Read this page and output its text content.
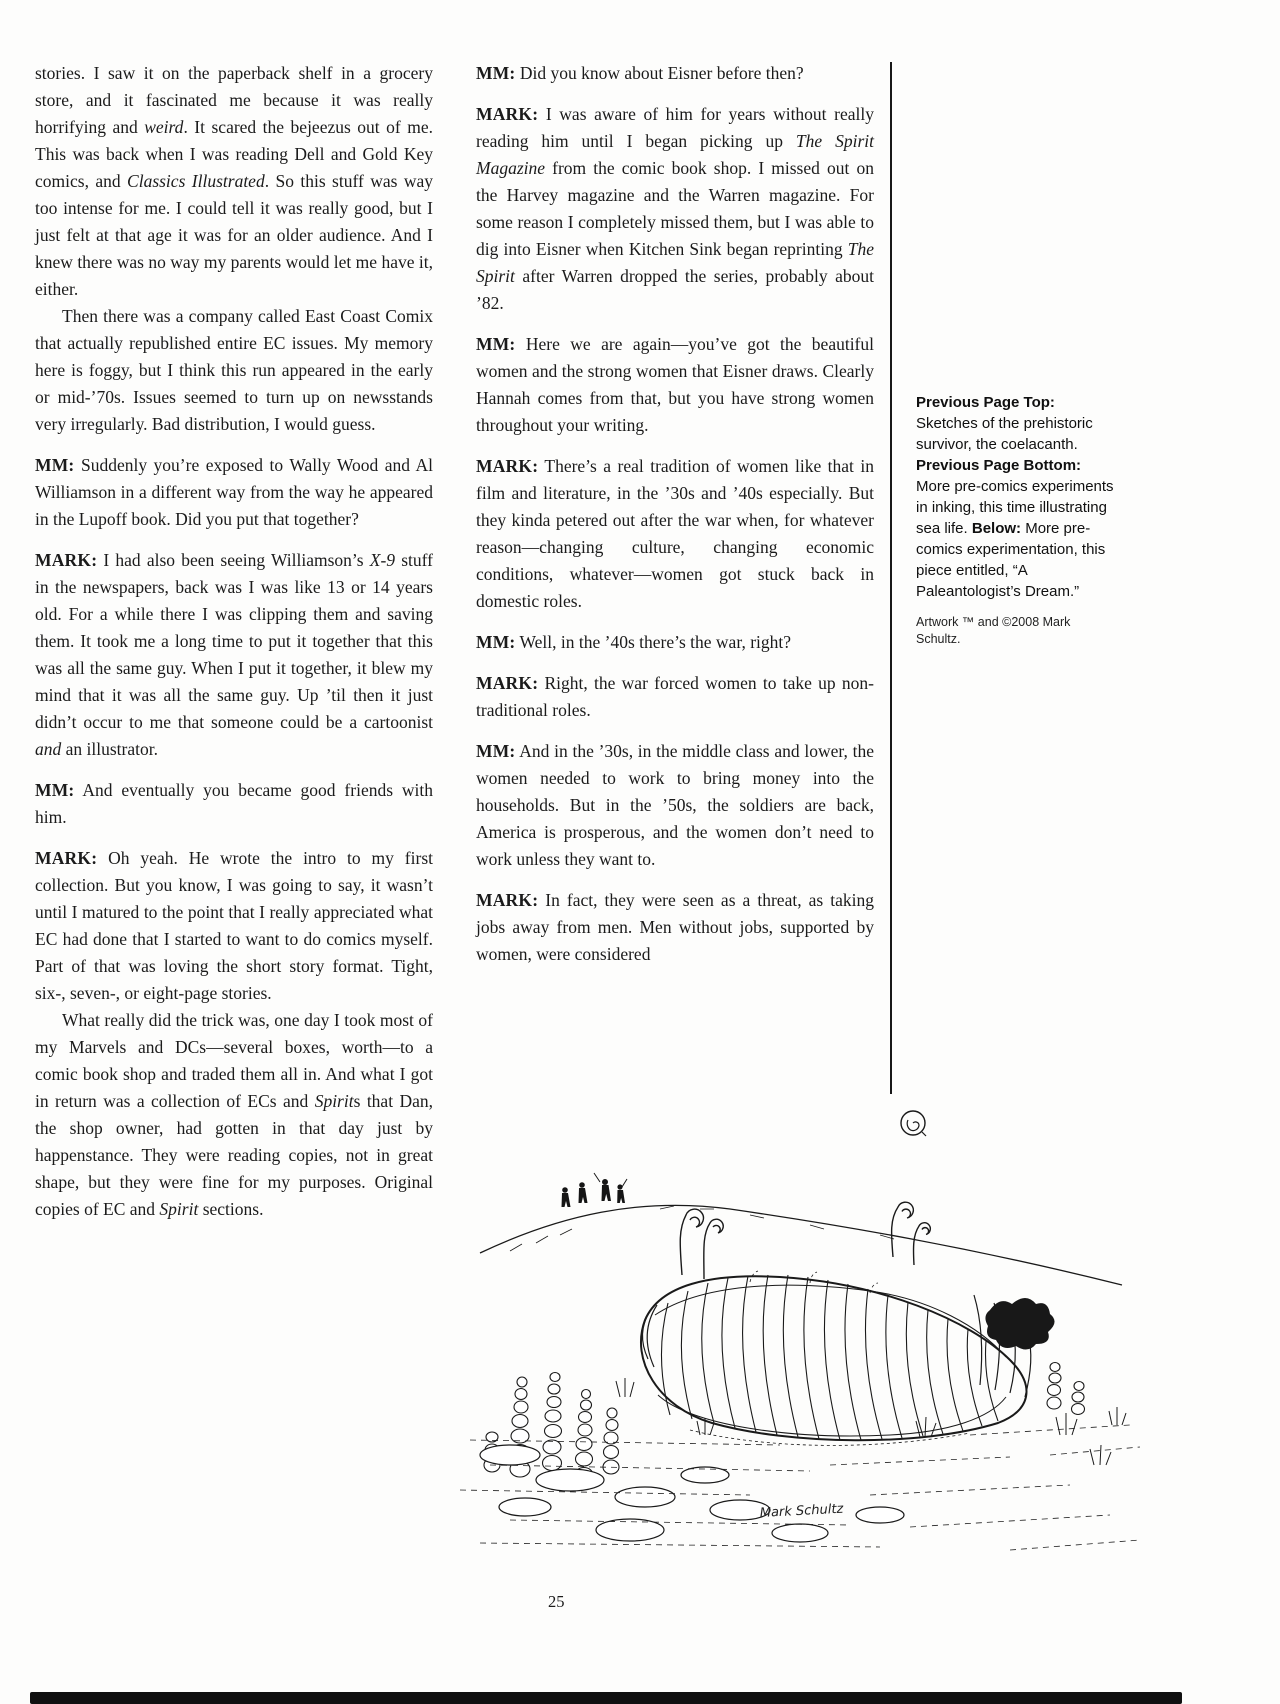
stories. I saw it on the paperback shelf in a grocery store, and it fascinated me because it was really horrifying and weird. It scared the bejeezus out of me. This was back when I was reading Dell and Gold Key comics, and Classics Illustrated. So this stuff was way too intense for me. I could tell it was really good, but I just felt at that age it was for an older audience. And I knew there was no way my parents would let me have it, either.

Then there was a company called East Coast Comix that actually republished entire EC issues. My memory here is foggy, but I think this run appeared in the early or mid-’70s. Issues seemed to turn up on newsstands very irregularly. Bad distribution, I would guess.

MM: Suddenly you’re exposed to Wally Wood and Al Williamson in a different way from the way he appeared in the Lupoff book. Did you put that together?

MARK: I had also been seeing Williamson’s X-9 stuff in the newspapers, back was I was like 13 or 14 years old. For a while there I was clipping them and saving them. It took me a long time to put it together that this was all the same guy. When I put it together, it blew my mind that it was all the same guy. Up ’til then it just didn’t occur to me that someone could be a cartoonist and an illustrator.

MM: And eventually you became good friends with him.

MARK: Oh yeah. He wrote the intro to my first collection. But you know, I was going to say, it wasn’t until I matured to the point that I really appreciated what EC had done that I started to want to do comics myself. Part of that was loving the short story format. Tight, six-, seven-, or eight-page stories.

What really did the trick was, one day I took most of my Marvels and DCs—several boxes, worth—to a comic book shop and traded them all in. And what I got in return was a collection of ECs and Spirits that Dan, the shop owner, had gotten in that day just by happenstance. They were reading copies, not in great shape, but they were fine for my purposes. Original copies of EC and Spirit sections.

MM: Did you know about Eisner before then?

MARK: I was aware of him for years without really reading him until I began picking up The Spirit Magazine from the comic book shop. I missed out on the Harvey magazine and the Warren magazine. For some reason I completely missed them, but I was able to dig into Eisner when Kitchen Sink began reprinting The Spirit after Warren dropped the series, probably about ’82.

MM: Here we are again—you’ve got the beautiful women and the strong women that Eisner draws. Clearly Hannah comes from that, but you have strong women throughout your writing.

MARK: There’s a real tradition of women like that in film and literature, in the ’30s and ’40s especially. But they kinda petered out after the war when, for whatever reason—changing culture, changing economic conditions, whatever—women got stuck back in domestic roles.

MM: Well, in the ’40s there’s the war, right?

MARK: Right, the war forced women to take up non-traditional roles.

MM: And in the ’30s, in the middle class and lower, the women needed to work to bring money into the households. But in the ’50s, the soldiers are back, America is prosperous, and the women don’t need to work unless they want to.

MARK: In fact, they were seen as a threat, as taking jobs away from men. Men without jobs, supported by women, were considered

Previous Page Top: Sketches of the prehistoric survivor, the coelacanth. Previous Page Bottom: More pre-comics experiments in inking, this time illustrating sea life. Below: More pre-comics experimentation, this piece entitled, “A Paleantologist’s Dream.”

Artwork ™ and ©2008 Mark Schultz.

Mark Schultz
25
